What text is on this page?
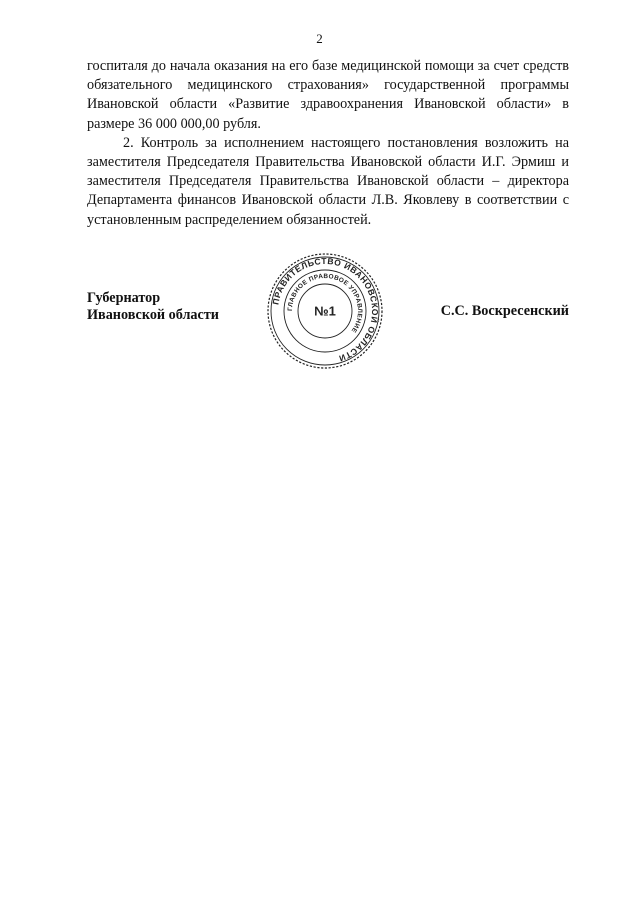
2

госпиталя до начала оказания на его базе медицинской помощи за счет средств обязательного медицинского страхования» государственной программы Ивановской области «Развитие здравоохранения Ивановской области» в размере 36 000 000,00 рубля.

2. Контроль за исполнением настоящего постановления возложить на заместителя Председателя Правительства Ивановской области И.Г. Эрмиш и заместителя Председателя Правительства Ивановской области – директора Департамента финансов Ивановской области Л.В. Яковлеву в соответствии с установленным распределением обязанностей.

Губернатор
Ивановской области	С.С. Воскресенский
ПРАВИТЕЛЬСТВО ИВАНОВСКОЙ ОБЛАСТИ
ГЛАВНОЕ ПРАВОВОЕ УПРАВЛЕНИЕ
№1
